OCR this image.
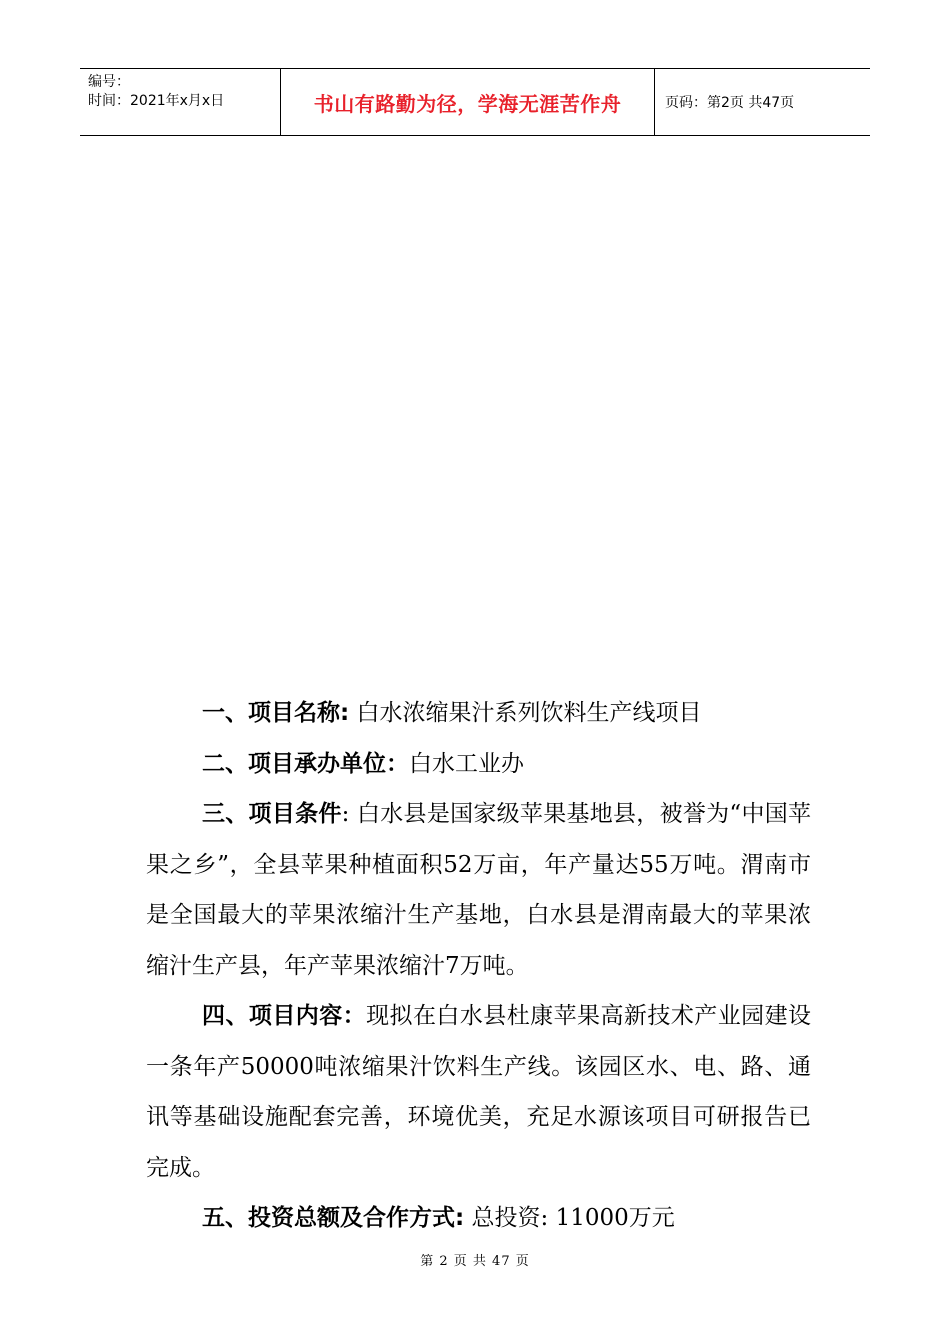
编号：
时间：2021年x月x日	书山有路勤为径，学海无涯苦作舟	页码：第2页 共47页

一、项目名称: 白水浓缩果汁系列饮料生产线项目

二、项目承办单位：白水工业办

三、项目条件: 白水县是国家级苹果基地县，被誉为“中国苹果之乡”，全县苹果种植面积52万亩，年产量达55万吨。渭南市是全国最大的苹果浓缩汁生产基地，白水县是渭南最大的苹果浓缩汁生产县，年产苹果浓缩汁7万吨。

四、项目内容：现拟在白水县杜康苹果高新技术产业园建设一条年产50000吨浓缩果汁饮料生产线。该园区水、电、路、通讯等基础设施配套完善，环境优美，充足水源该项目可研报告已完成。

五、投资总额及合作方式: 总投资: 11000万元

第 2 页 共 47 页
